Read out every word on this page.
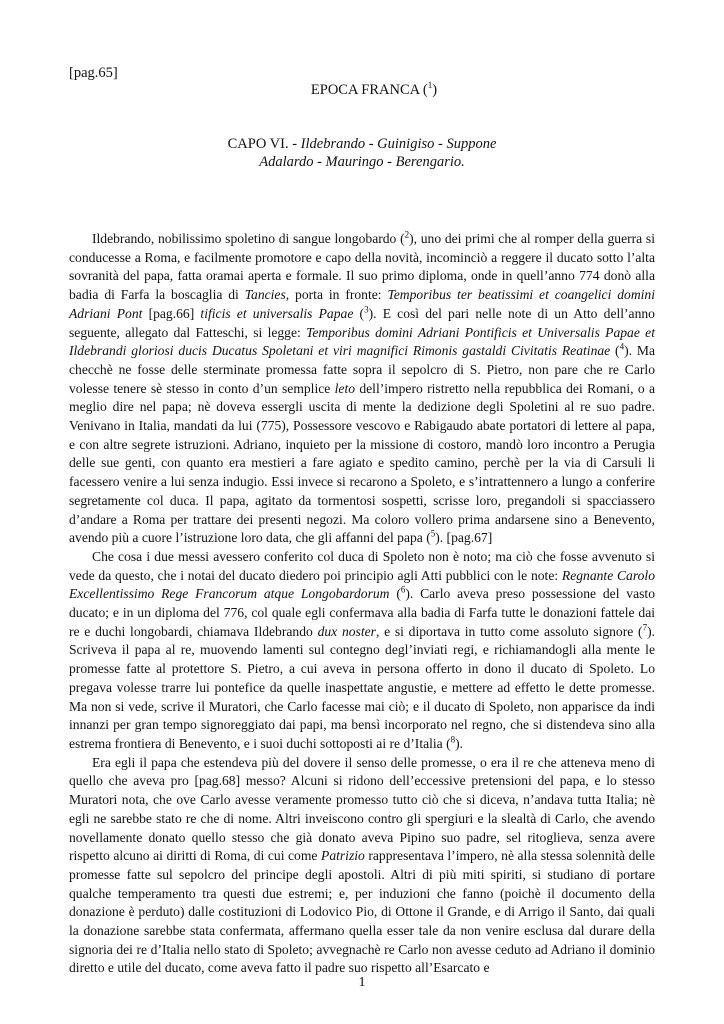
[pag.65]
EPOCA FRANCA ($^1$)
CAPO VI. - Ildebrando - Guinigiso - Suppone
Adalardo - Mauringo - Berengario.

Ildebrando, nobilissimo spoletino di sangue longobardo ($^2$), uno dei primi che al romper della guerra si conducesse a Roma, e facilmente promotore e capo della novità, incominciò a reggere il ducato sotto l’alta sovranità del papa, fatta oramai aperta e formale. Il suo primo diploma, onde in quell’anno 774 donò alla badia di Farfa la boscaglia di Tancies, porta in fronte: Temporibus ter beatissimi et coangelici domini Adriani Pont [pag.66] tificis et universalis Papae ($^3$). E così del pari nelle note di un Atto dell’anno seguente, allegato dal Fatteschi, si legge: Temporibus domini Adriani Pontificis et Universalis Papae et Ildebrandi gloriosi ducis Ducatus Spoletani et viri magnifici Rimonis gastaldi Civitatis Reatinae ($^4$). Ma checchè ne fosse delle sterminate promessa fatte sopra il sepolcro di S. Pietro, non pare che re Carlo volesse tenere sè stesso in conto d’un semplice leto dell’impero ristretto nella repubblica dei Romani, o a meglio dire nel papa; nè doveva essergli uscita di mente la dedizione degli Spoletini al re suo padre. Venivano in Italia, mandati da lui (775), Possessore vescovo e Rabigaudo abate portatori di lettere al papa, e con altre segrete istruzioni. Adriano, inquieto per la missione di costoro, mandò loro incontro a Perugia delle sue genti, con quanto era mestieri a fare agiato e spedito camino, perchè per la via di Carsuli li facessero venire a lui senza indugio. Essi invece si recarono a Spoleto, e s’intrattennero a lungo a conferire segretamente col duca. Il papa, agitato da tormentosi sospetti, scrisse loro, pregandoli si spacciassero d’andare a Roma per trattare dei presenti negozi. Ma coloro vollero prima andarsene sino a Benevento, avendo più a cuore l’istruzione loro data, che gli affanni del papa ($^5$). [pag.67]

Che cosa i due messi avessero conferito col duca di Spoleto non è noto; ma ciò che fosse avvenuto si vede da questo, che i notai del ducato diedero poi principio agli Atti pubblici con le note: Regnante Carolo Excellentissimo Rege Francorum atque Longobardorum ($^6$). Carlo aveva preso possessione del vasto ducato; e in un diploma del 776, col quale egli confermava alla badia di Farfa tutte le donazioni fattele dai re e duchi longobardi, chiamava Ildebrando dux noster, e si diportava in tutto come assoluto signore ($^7$). Scriveva il papa al re, muovendo lamenti sul contegno degl’inviati regi, e richiamandogli alla mente le promesse fatte al protettore S. Pietro, a cui aveva in persona offerto in dono il ducato di Spoleto. Lo pregava volesse trarre lui pontefice da quelle inaspettate angustie, e mettere ad effetto le dette promesse. Ma non si vede, scrive il Muratori, che Carlo facesse mai ciò; e il ducato di Spoleto, non apparisce da indi innanzi per gran tempo signoreggiato dai papi, ma bensì incorporato nel regno, che si distendeva sino alla estrema frontiera di Benevento, e i suoi duchi sottoposti ai re d’Italia ($^8$).

Era egli il papa che estendeva più del dovere il senso delle promesse, o era il re che atteneva meno di quello che aveva pro [pag.68] messo? Alcuni si ridono dell’eccessive pretensioni del papa, e lo stesso Muratori nota, che ove Carlo avesse veramente promesso tutto ciò che si diceva, n’andava tutta Italia; nè egli ne sarebbe stato re che di nome. Altri inveiscono contro gli spergiuri e la slealtà di Carlo, che avendo novellamente donato quello stesso che già donato aveva Pipino suo padre, sel ritoglieva, senza avere rispetto alcuno ai diritti di Roma, di cui come Patrizio rappresentava l’impero, nè alla stessa solennità delle promesse fatte sul sepolcro del principe degli apostoli. Altri di più miti spiriti, si studiano di portare qualche temperamento tra questi due estremi; e, per induzioni che fanno (poichè il documento della donazione è perduto) dalle costituzioni di Lodovico Pio, di Ottone il Grande, e di Arrigo il Santo, dai quali la donazione sarebbe stata confermata, affermano quella esser tale da non venire esclusa dal durare della signoria dei re d’Italia nello stato di Spoleto; avvegnachè re Carlo non avesse ceduto ad Adriano il dominio diretto e utile del ducato, come aveva fatto il padre suo rispetto all’Esarcato e

1
